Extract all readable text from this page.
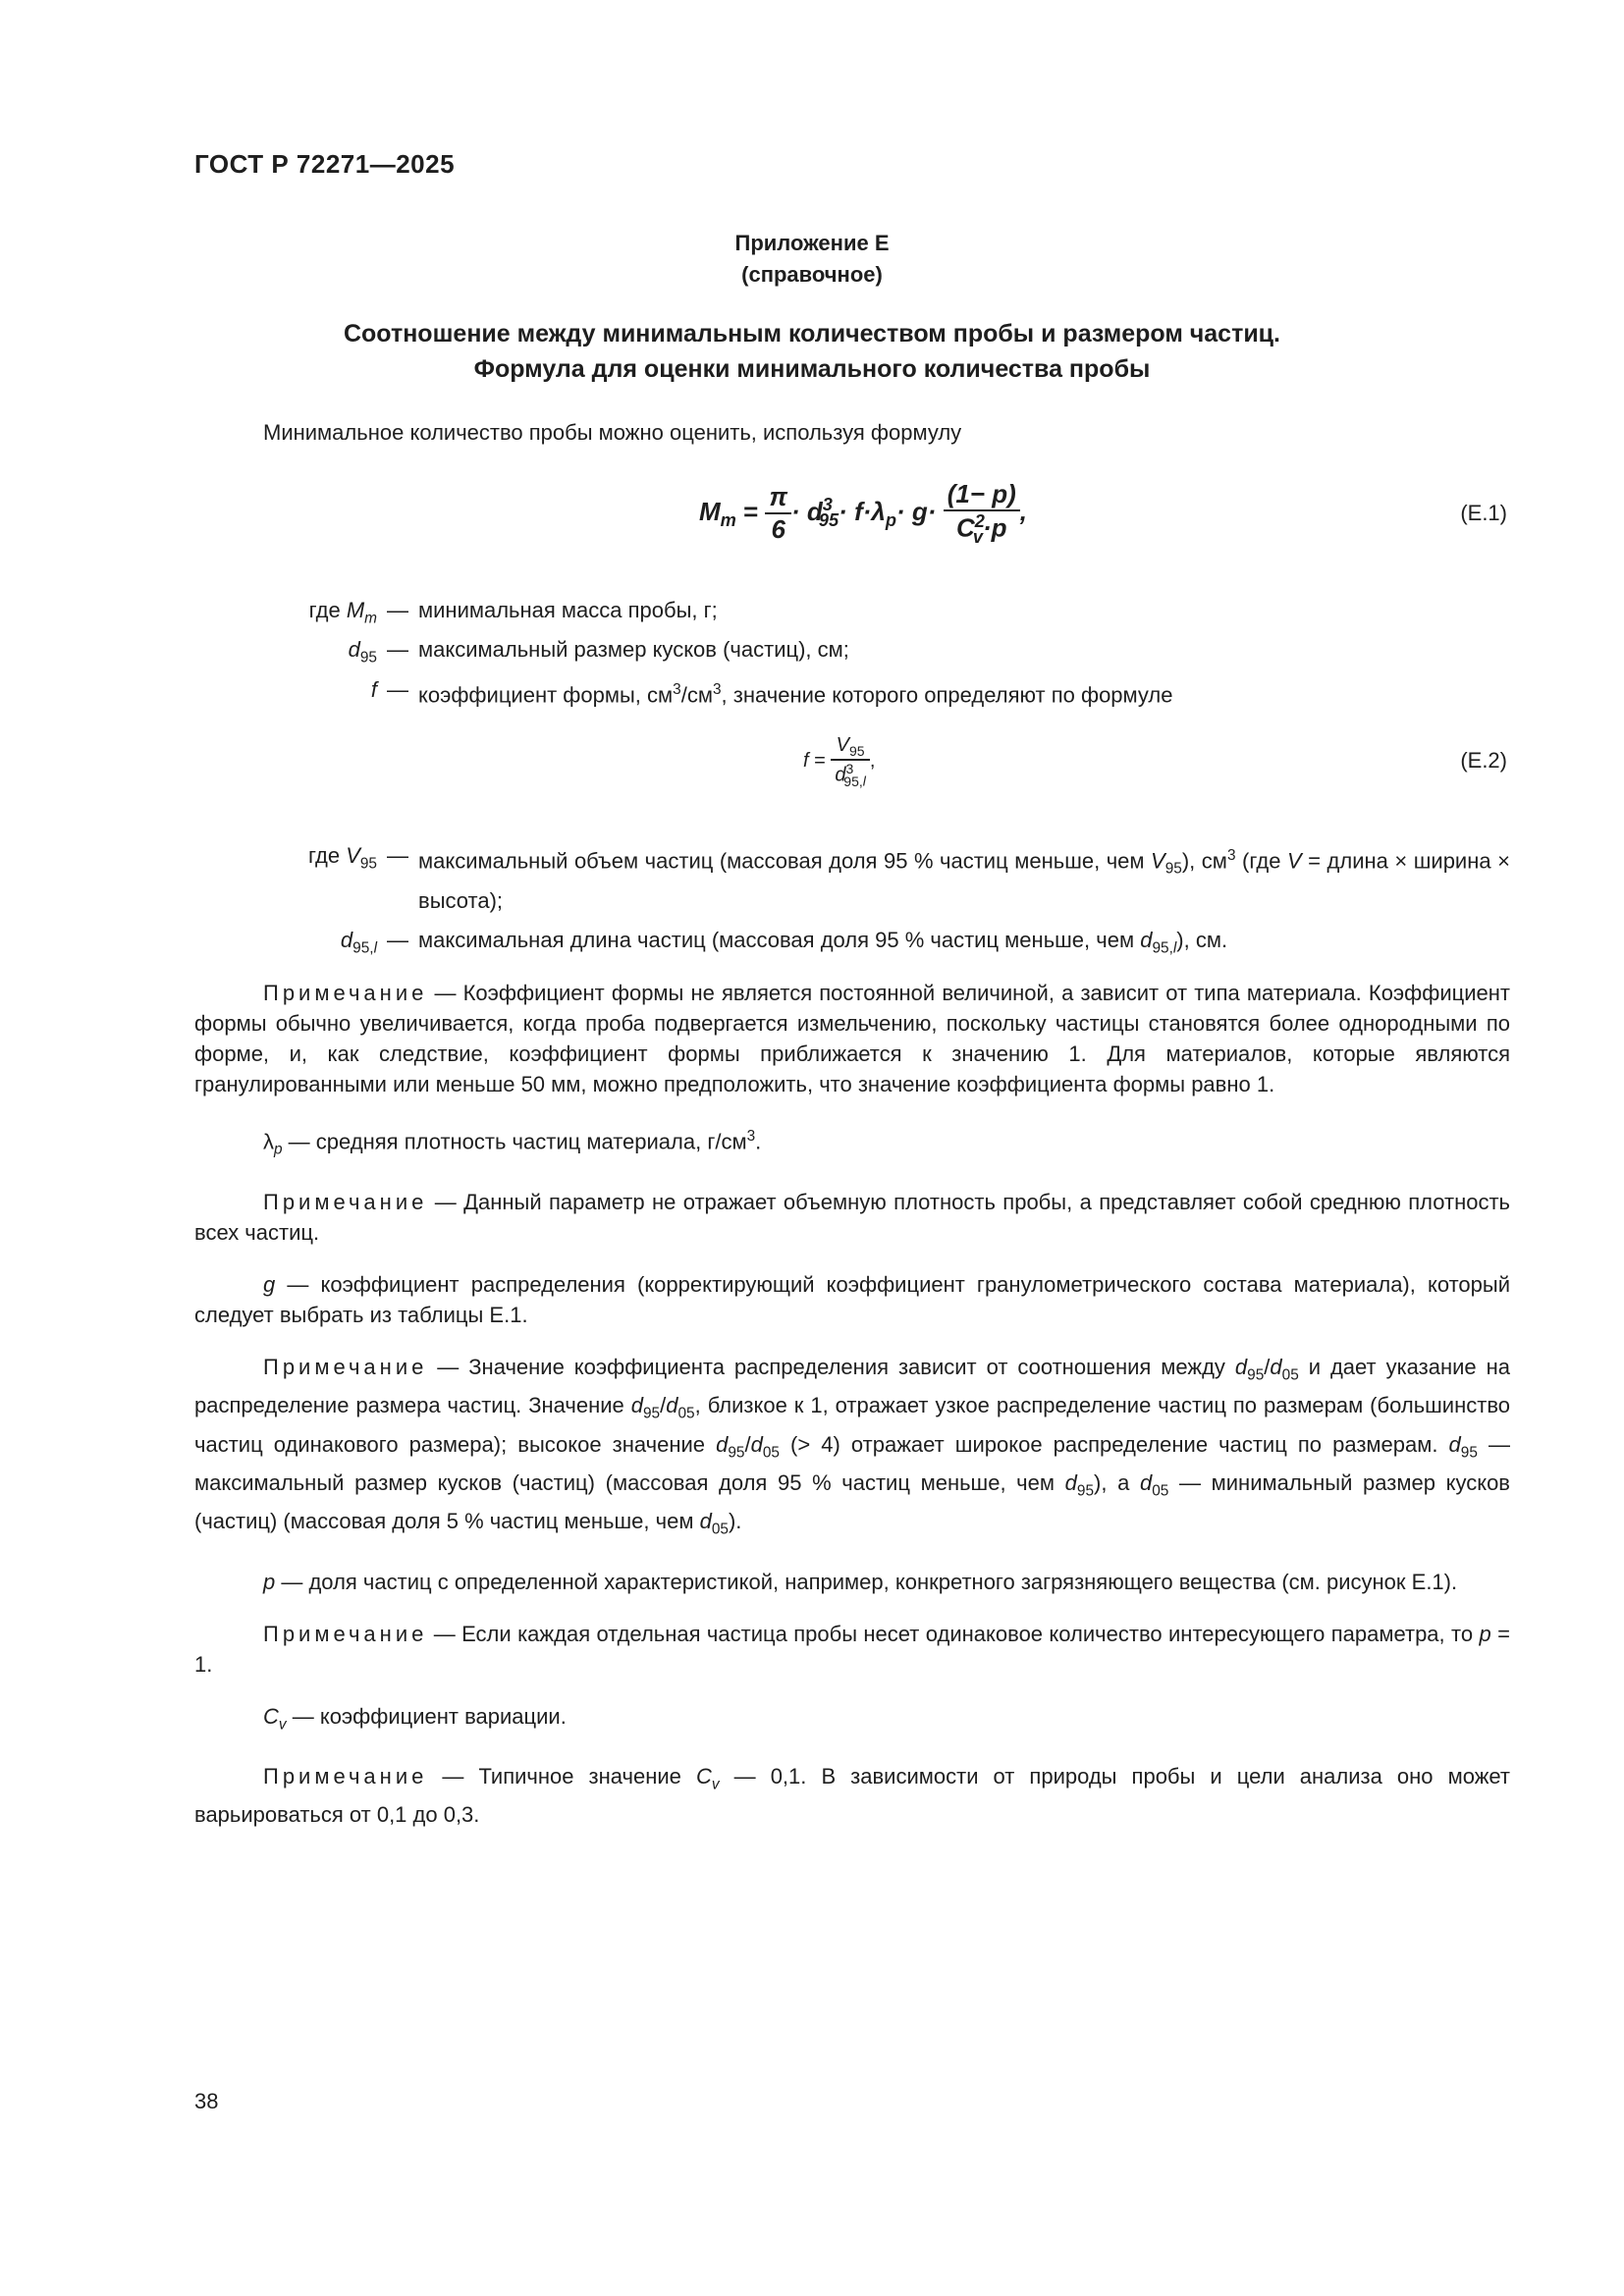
ГОСТ Р 72271—2025
Приложение Е
(справочное)
Соотношение между минимальным количеством пробы и размером частиц.
Формула для оценки минимального количества пробы
Минимальное количество пробы можно оценить, используя формулу
$M_m = \frac{\pi}{6} \cdot d^3_{95}\cdot f\cdot\lambda_p\cdot g\cdot \frac{(1- p)}{C^2_v\cdot p}$ ,	(Е.1)
где $M_m$ — минимальная масса пробы, г;
$d_{95}$ — максимальный размер кусков (частиц), см;
f — коэффициент формы, $см^3/см^3$, значение которого определяют по формуле
$f = \frac{V_{95}}{d^3_{95,l}}$ ,	(Е.2)
где $V_{95}$ — максимальный объем частиц (массовая доля 95 % частиц меньше, чем $V_{95}$), $см^3$ (где V = длина × ширина × высота);
$d_{95,l}$ — максимальная длина частиц (массовая доля 95 % частиц меньше, чем $d_{95,l}$), см.

Примечание — Коэффициент формы не является постоянной величиной, а зависит от типа материала. Коэффициент формы обычно увеличивается, когда проба подвергается измельчению, поскольку частицы становятся более однородными по форме, и, как следствие, коэффициент формы приближается к значению 1. Для материалов, которые являются гранулированными или меньше 50 мм, можно предположить, что значение коэффициента формы равно 1.

$\lambda_p$ — средняя плотность частиц материала, $г/см^3$.

Примечание — Данный параметр не отражает объемную плотность пробы, а представляет собой среднюю плотность всех частиц.

g — коэффициент распределения (корректирующий коэффициент гранулометрического состава материала), который следует выбрать из таблицы Е.1.

Примечание — Значение коэффициента распределения зависит от соотношения между $d_{95}/d_{05}$ и дает указание на распределение размера частиц. Значение $d_{95}/d_{05}$, близкое к 1, отражает узкое распределение частиц по размерам (большинство частиц одинакового размера); высокое значение $d_{95}/d_{05}$ (> 4) отражает широкое распределение частиц по размерам. $d_{95}$ — максимальный размер кусков (частиц) (массовая доля 95 % частиц меньше, чем $d_{95}$), а $d_{05}$ — минимальный размер кусков (частиц) (массовая доля 5 % частиц меньше, чем $d_{05}$).

p — доля частиц с определенной характеристикой, например, конкретного загрязняющего вещества (см. рисунок Е.1).

Примечание — Если каждая отдельная частица пробы несет одинаковое количество интересующего параметра, то p = 1.

$C_v$ — коэффициент вариации.

Примечание — Типичное значение $C_v$ — 0,1. В зависимости от природы пробы и цели анализа оно может варьироваться от 0,1 до 0,3.

38
